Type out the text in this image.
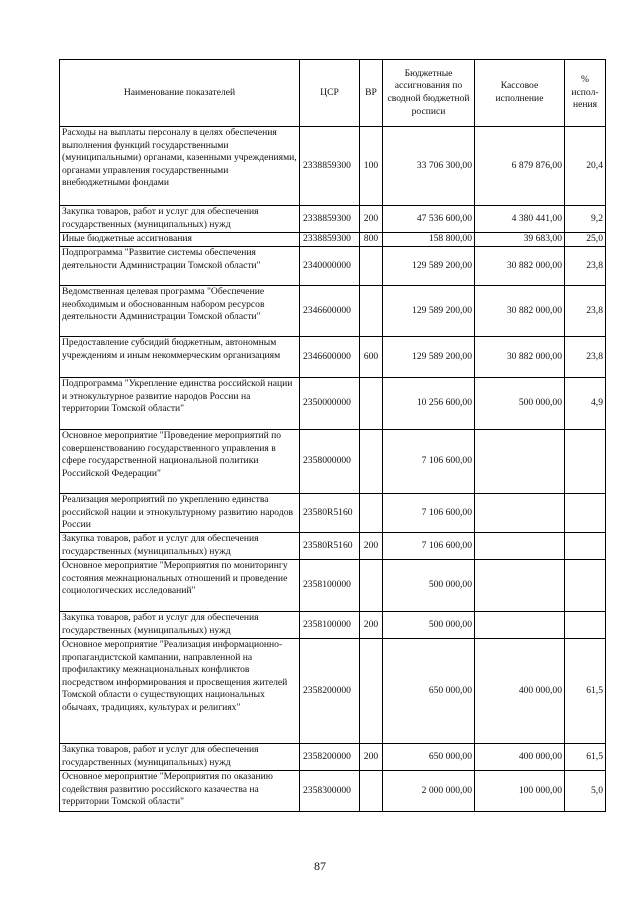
Наименование показателей	ЦСР	ВР	Бюджетные ассигнования по сводной бюджетной росписи	Кассовое исполнение	% испол-нения
Расходы на выплаты персоналу в целях обеспечения выполнения функций государственными (муниципальными) органами, казенными учреждениями, органами управления государственными внебюджетными фондами	2338859300	100	33 706 300,00	6 879 876,00	20,4
Закупка товаров, работ и услуг для обеспечения государственных (муниципальных) нужд	2338859300	200	47 536 600,00	4 380 441,00	9,2
Иные бюджетные ассигнования	2338859300	800	158 800,00	39 683,00	25,0
Подпрограмма "Развитие системы обеспечения деятельности Администрации Томской области"	2340000000		129 589 200,00	30 882 000,00	23,8
Ведомственная целевая программа "Обеспечение необходимым и обоснованным набором ресурсов деятельности Администрации Томской области"	2346600000		129 589 200,00	30 882 000,00	23,8
Предоставление субсидий бюджетным, автономным учреждениям и иным некоммерческим организациям	2346600000	600	129 589 200,00	30 882 000,00	23,8
Подпрограмма "Укрепление единства российской нации и этнокультурное развитие народов России на территории Томской области"	2350000000		10 256 600,00	500 000,00	4,9
Основное мероприятие "Проведение мероприятий по совершенствованию государственного управления в сфере государственной национальной политики Российской Федерации"	2358000000		7 106 600,00		
Реализация мероприятий по укреплению единства российской нации и этнокультурному развитию народов России	23580R5160		7 106 600,00		
Закупка товаров, работ и услуг для обеспечения государственных (муниципальных) нужд	23580R5160	200	7 106 600,00		
Основное мероприятие "Мероприятия по мониторингу состояния межнациональных отношений и проведение социологических исследований"	2358100000		500 000,00		
Закупка товаров, работ и услуг для обеспечения государственных (муниципальных) нужд	2358100000	200	500 000,00		
Основное мероприятие "Реализация информационно-пропагандистской кампании, направленной на профилактику межнациональных конфликтов посредством информирования и просвещения жителей Томской области о существующих национальных обычаях, традициях, культурах и религиях"	2358200000		650 000,00	400 000,00	61,5
Закупка товаров, работ и услуг для обеспечения государственных (муниципальных) нужд	2358200000	200	650 000,00	400 000,00	61,5
Основное мероприятие "Мероприятия по оказанию содействия развитию российского казачества на территории Томской области"	2358300000		2 000 000,00	100 000,00	5,0
87
